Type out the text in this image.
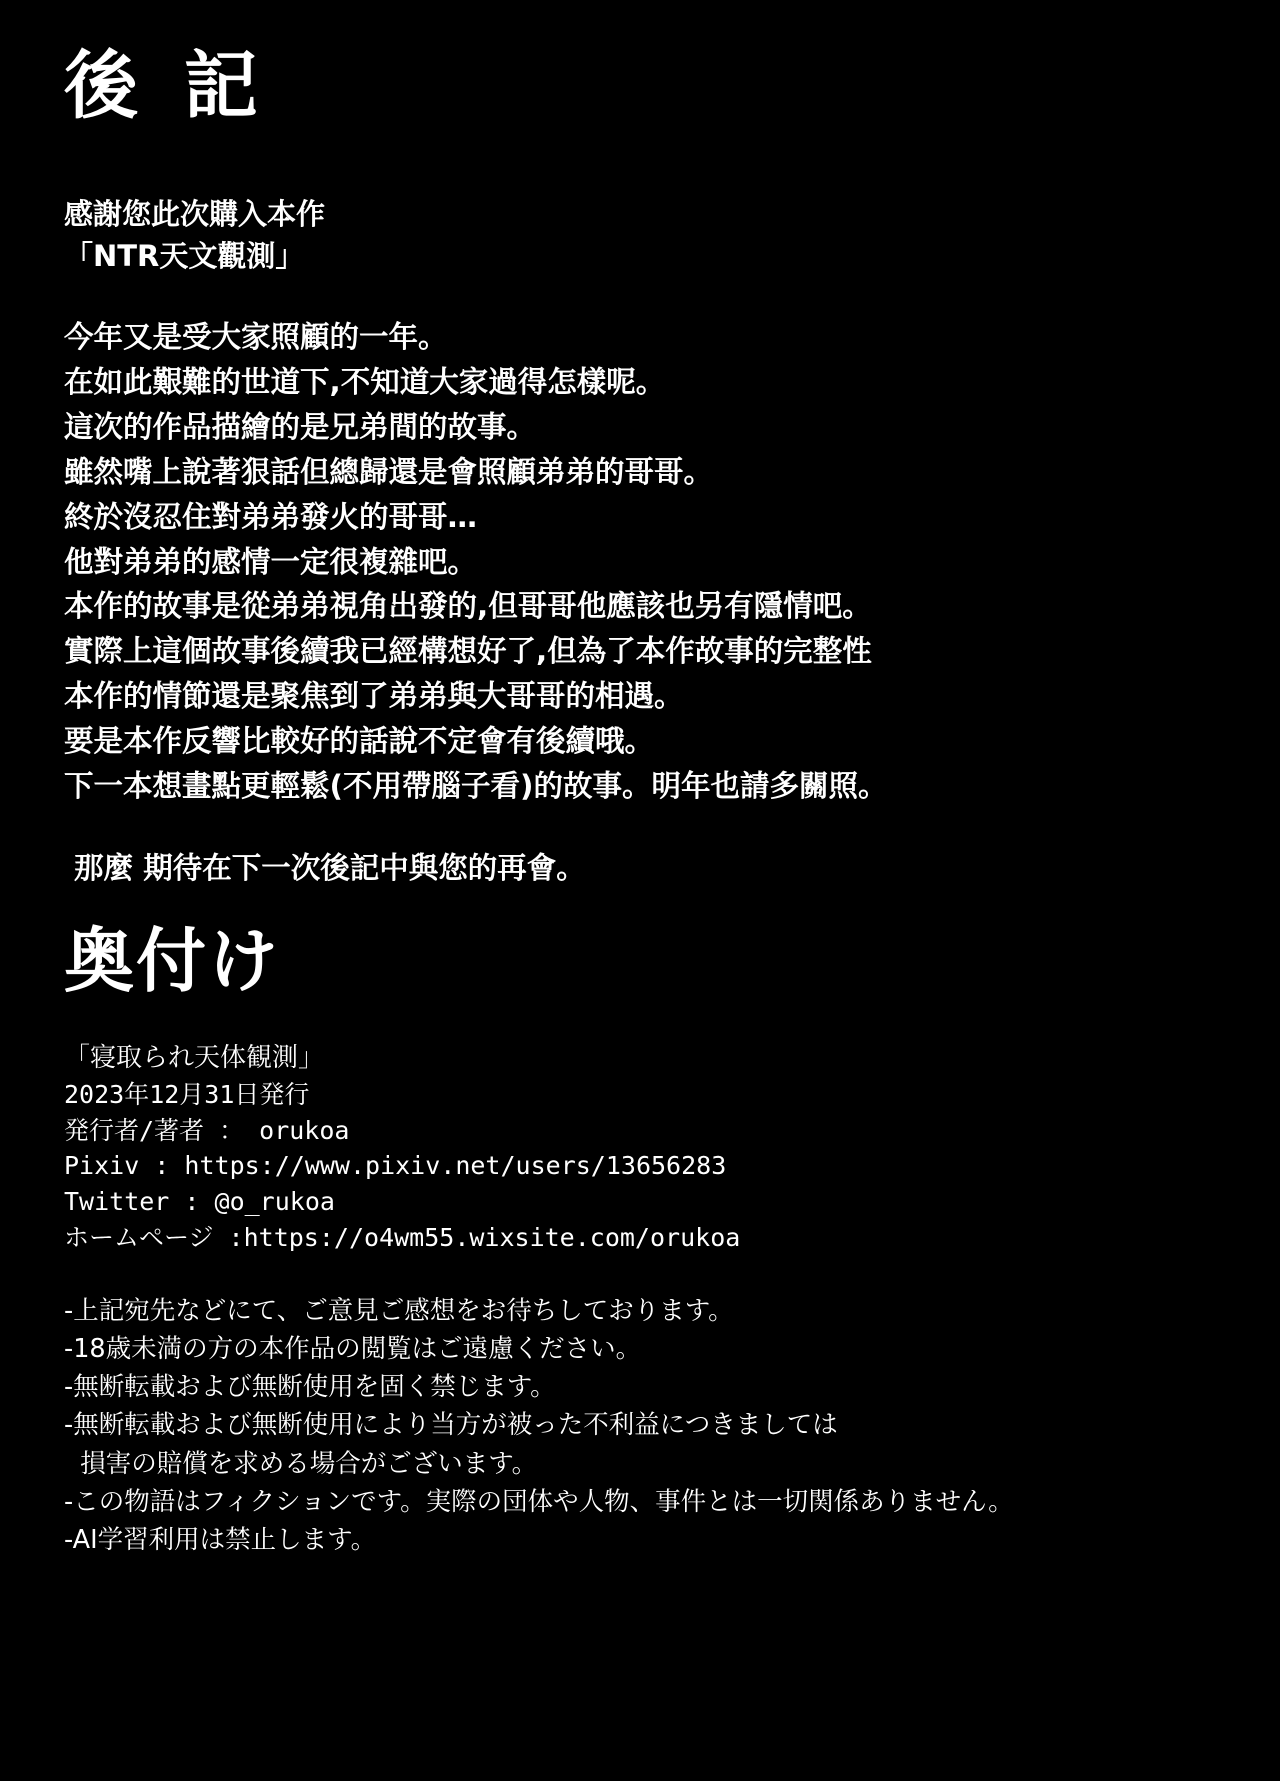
後 記
感謝您此次購入本作
「NTR天文觀測」
今年又是受大家照顧的一年。
在如此艱難的世道下,不知道大家過得怎樣呢。
這次的作品描繪的是兄弟間的故事。
雖然嘴上說著狠話但總歸還是會照顧弟弟的哥哥。
終於沒忍住對弟弟發火的哥哥…
他對弟弟的感情一定很複雜吧。
本作的故事是從弟弟視角出發的,但哥哥他應該也另有隱情吧。
實際上這個故事後續我已經構想好了,但為了本作故事的完整性
本作的情節還是聚焦到了弟弟與大哥哥的相遇。
要是本作反響比較好的話說不定會有後續哦。
下一本想畫點更輕鬆(不用帶腦子看)的故事。明年也請多關照。
那麼 期待在下一次後記中與您的再會。
奥付け
「寝取られ天体観測」
2023年12月31日発行
発行者/著者 ： orukoa
Pixiv : https://www.pixiv.net/users/13656283
Twitter : @o_rukoa
ホームページ :https://o4wm55.wixsite.com/orukoa
-上記宛先などにて、ご意見ご感想をお待ちしております。
-18歳未満の方の本作品の閲覧はご遠慮ください。
-無断転載および無断使用を固く禁じます。
-無断転載および無断使用により当方が被った不利益につきましては
損害の賠償を求める場合がございます。
-この物語はフィクションです。実際の団体や人物、事件とは一切関係ありません。
-AI学習利用は禁止します。
